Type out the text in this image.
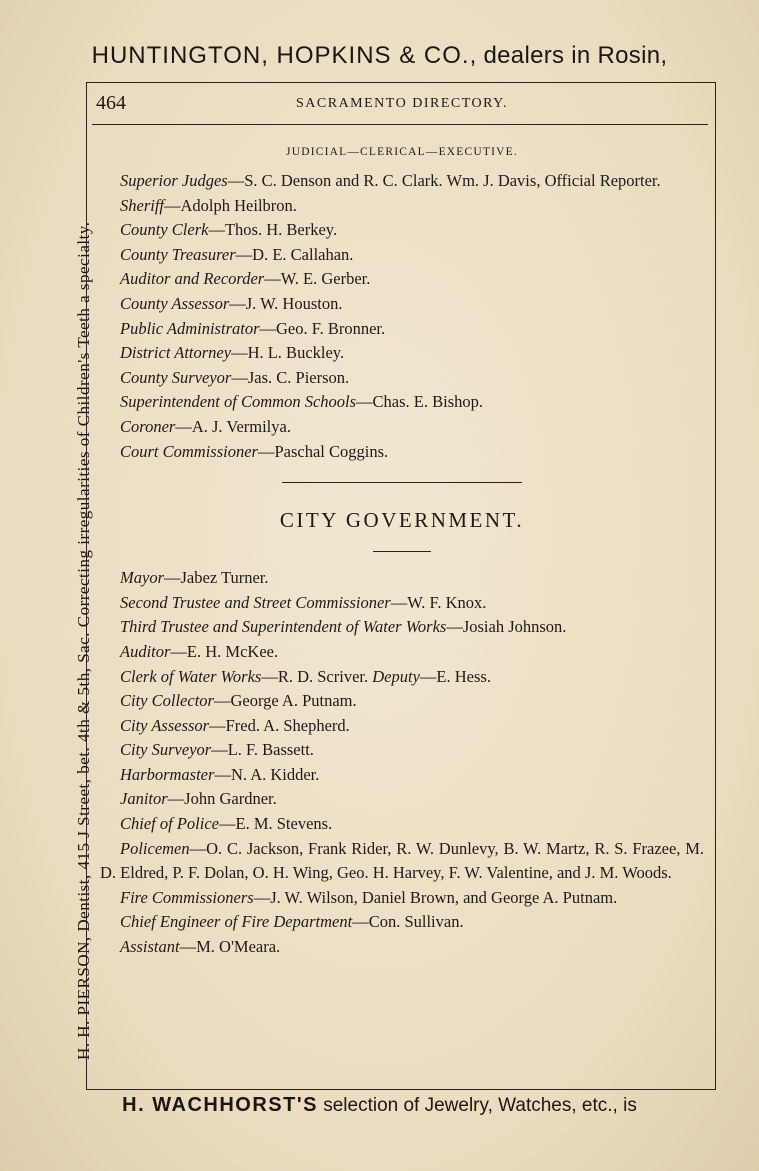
HUNTINGTON, HOPKINS & CO., dealers in Rosin,
H. H. PIERSON, Dentist, 415 J Street, bet. 4th & 5th, Sac. Correcting irregularities of Children's Teeth a specialty.
464	SACRAMENTO DIRECTORY.
JUDICIAL—CLERICAL—EXECUTIVE.

Superior Judges—S. C. Denson and R. C. Clark. Wm. J. Davis, Official Reporter.

Sheriff—Adolph Heilbron.

County Clerk—Thos. H. Berkey.

County Treasurer—D. E. Callahan.

Auditor and Recorder—W. E. Gerber.

County Assessor—J. W. Houston.

Public Administrator—Geo. F. Bronner.

District Attorney—H. L. Buckley.

County Surveyor—Jas. C. Pierson.

Superintendent of Common Schools—Chas. E. Bishop.

Coroner—A. J. Vermilya.

Court Commissioner—Paschal Coggins.

CITY GOVERNMENT.

Mayor—Jabez Turner.

Second Trustee and Street Commissioner—W. F. Knox.

Third Trustee and Superintendent of Water Works—Josiah Johnson.

Auditor—E. H. McKee.

Clerk of Water Works—R. D. Scriver. Deputy—E. Hess.

City Collector—George A. Putnam.

City Assessor—Fred. A. Shepherd.

City Surveyor—L. F. Bassett.

Harbormaster—N. A. Kidder.

Janitor—John Gardner.

Chief of Police—E. M. Stevens.

Policemen—O. C. Jackson, Frank Rider, R. W. Dunlevy, B. W. Martz, R. S. Frazee, M. D. Eldred, P. F. Dolan, O. H. Wing, Geo. H. Harvey, F. W. Valentine, and J. M. Woods.

Fire Commissioners—J. W. Wilson, Daniel Brown, and George A. Putnam.

Chief Engineer of Fire Department—Con. Sullivan.

Assistant—M. O'Meara.

H. WACHHORST'S selection of Jewelry, Watches, etc., is
